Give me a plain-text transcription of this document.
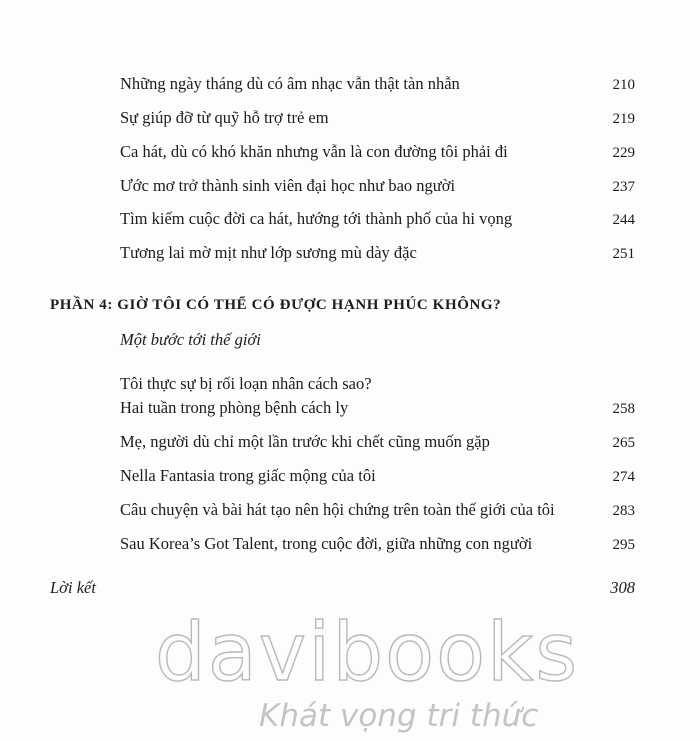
Những ngày tháng dù có âm nhạc vẫn thật tàn nhẫn	210
Sự giúp đỡ từ quỹ hỗ trợ trẻ em	219
Ca hát, dù có khó khăn nhưng vẫn là con đường tôi phải đi	229
Ước mơ trở thành sinh viên đại học như bao người	237
Tìm kiếm cuộc đời ca hát, hướng tới thành phố của hi vọng	244
Tương lai mờ mịt như lớp sương mù dày đặc	251
PHẦN 4: GIỜ TÔI CÓ THỂ CÓ ĐƯỢC HẠNH PHÚC KHÔNG?
Một bước tới thế giới
Tôi thực sự bị rối loạn nhân cách sao?
Hai tuần trong phòng bệnh cách ly	258
Mẹ, người dù chỉ một lần trước khi chết cũng muốn gặp	265
Nella Fantasia trong giấc mộng của tôi	274
Câu chuyện và bài hát tạo nên hội chứng trên toàn thế giới của tôi	283
Sau Korea’s Got Talent, trong cuộc đời, giữa những con người	295
Lời kết	308
davibooks
Khát vọng tri thức
